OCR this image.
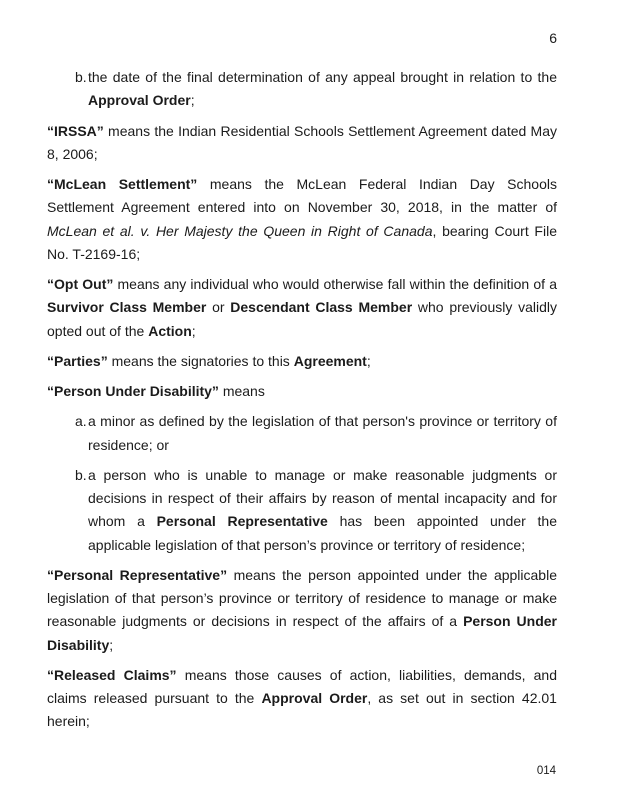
6
b. the date of the final determination of any appeal brought in relation to the Approval Order;
“IRSSA” means the Indian Residential Schools Settlement Agreement dated May 8, 2006;
“McLean Settlement” means the McLean Federal Indian Day Schools Settlement Agreement entered into on November 30, 2018, in the matter of McLean et al. v. Her Majesty the Queen in Right of Canada, bearing Court File No. T-2169-16;
“Opt Out” means any individual who would otherwise fall within the definition of a Survivor Class Member or Descendant Class Member who previously validly opted out of the Action;
“Parties” means the signatories to this Agreement;
“Person Under Disability” means
a. a minor as defined by the legislation of that person's province or territory of residence; or
b. a person who is unable to manage or make reasonable judgments or decisions in respect of their affairs by reason of mental incapacity and for whom a Personal Representative has been appointed under the applicable legislation of that person’s province or territory of residence;
“Personal Representative” means the person appointed under the applicable legislation of that person’s province or territory of residence to manage or make reasonable judgments or decisions in respect of the affairs of a Person Under Disability;
“Released Claims” means those causes of action, liabilities, demands, and claims released pursuant to the Approval Order, as set out in section 42.01 herein;
014
